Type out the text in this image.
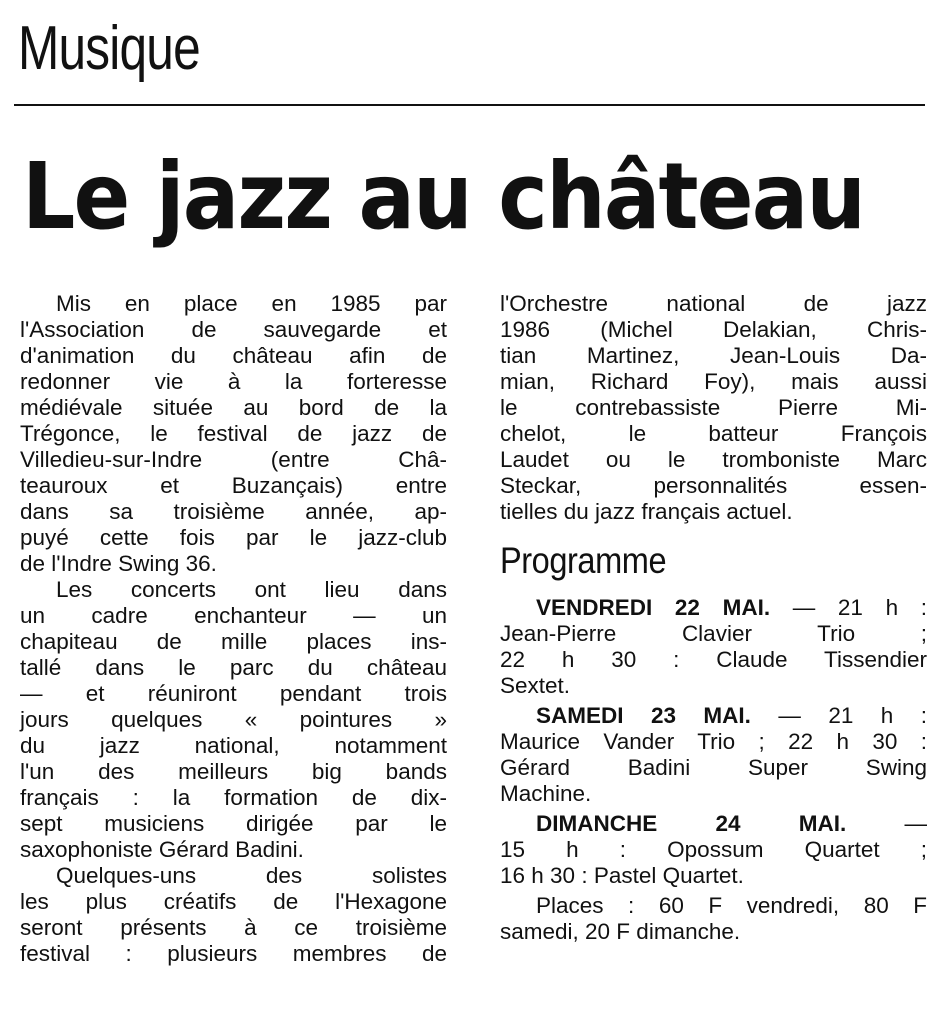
Musique
Le jazz au château
Mis en place en 1985 par
l'Association de sauvegarde et
d'animation du château afin de
redonner vie à la forteresse
médiévale située au bord de la
Trégonce, le festival de jazz de
Villedieu-sur-Indre (entre Châ-
teauroux et Buzançais) entre
dans sa troisième année, ap-
puyé cette fois par le jazz-club
de l'Indre Swing 36.
Les concerts ont lieu dans
un cadre enchanteur — un
chapiteau de mille places ins-
tallé dans le parc du château
— et réuniront pendant trois
jours quelques « pointures »
du jazz national, notamment
l'un des meilleurs big bands
français : la formation de dix-
sept musiciens dirigée par le
saxophoniste Gérard Badini.
Quelques-uns des solistes
les plus créatifs de l'Hexagone
seront présents à ce troisième
festival : plusieurs membres de
l'Orchestre national de jazz
1986 (Michel Delakian, Chris-
tian Martinez, Jean-Louis Da-
mian, Richard Foy), mais aussi
le contrebassiste Pierre Mi-
chelot, le batteur François
Laudet ou le tromboniste Marc
Steckar, personnalités essen-
tielles du jazz français actuel.
Programme
VENDREDI 22 MAI. — 21 h :
Jean-Pierre Clavier Trio ;
22 h 30 : Claude Tissendier
Sextet.
SAMEDI 23 MAI. — 21 h :
Maurice Vander Trio ; 22 h 30 :
Gérard Badini Super Swing
Machine.
DIMANCHE 24 MAI. —
15 h : Opossum Quartet ;
16 h 30 : Pastel Quartet.
Places : 60 F vendredi, 80 F
samedi, 20 F dimanche.
